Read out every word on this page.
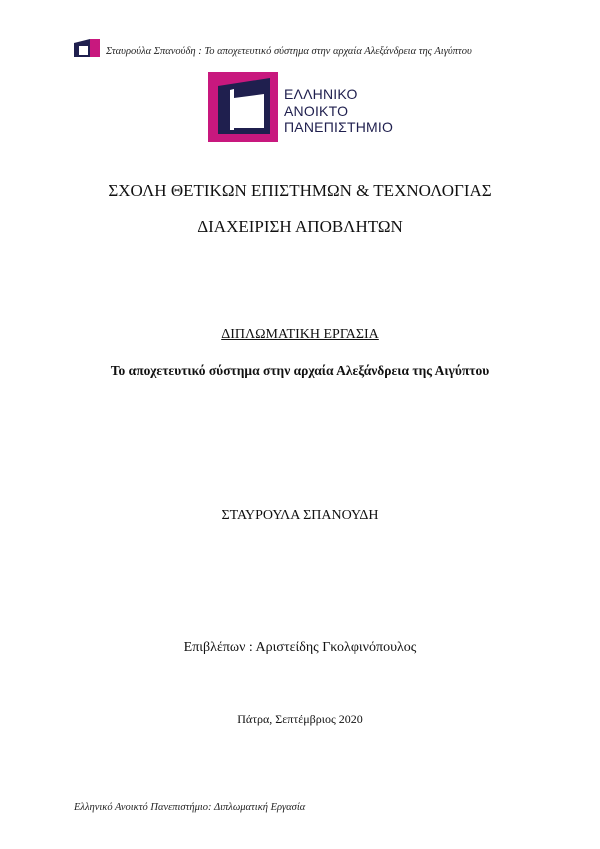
Σταυρούλα Σπανούδη : Το αποχετευτικό σύστημα στην αρχαία Αλεξάνδρεια της Αιγύπτου
ΕΛΛΗΝΙΚΟ
ΑΝΟΙΚΤΟ
ΠΑΝΕΠΙΣΤΗΜΙΟ
ΣΧΟΛΗ ΘΕΤΙΚΩΝ ΕΠΙΣΤΗΜΩΝ & ΤΕΧΝΟΛΟΓΙΑΣ
ΔΙΑΧΕΙΡΙΣΗ ΑΠΟΒΛΗΤΩΝ
ΔΙΠΛΩΜΑΤΙΚΗ ΕΡΓΑΣΙΑ
Το αποχετευτικό σύστημα στην αρχαία Αλεξάνδρεια της Αιγύπτου
ΣΤΑΥΡΟΥΛΑ ΣΠΑΝΟΥΔΗ
Επιβλέπων : Αριστείδης Γκολφινόπουλος
Πάτρα, Σεπτέμβριος 2020
Ελληνικό Ανοικτό Πανεπιστήμιο: Διπλωματική Εργασία
